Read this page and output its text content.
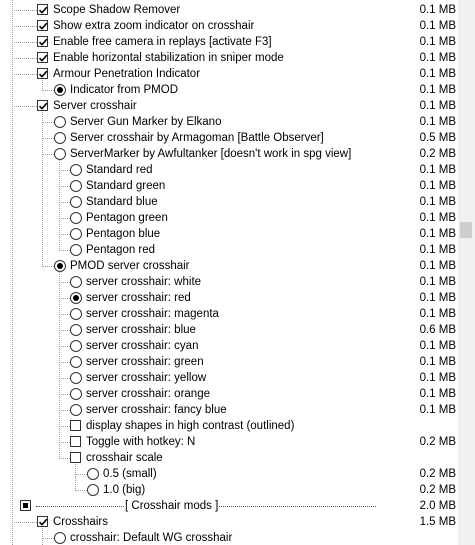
Scope Shadow Remover	0.1 MB
Show extra zoom indicator on crosshair	0.1 MB
Enable free camera in replays [activate F3]	0.1 MB
Enable horizontal stabilization in sniper mode	0.1 MB
Armour Penetration Indicator	0.1 MB
Indicator from PMOD	0.1 MB
Server crosshair	0.1 MB
Server Gun Marker by Elkano	0.1 MB
Server crosshair by Armagoman [Battle Observer]	0.5 MB
ServerMarker by Awfultanker [doesn't work in spg view]	0.2 MB
Standard red	0.1 MB
Standard green	0.1 MB
Standard blue	0.1 MB
Pentagon green	0.1 MB
Pentagon blue	0.1 MB
Pentagon red	0.1 MB
PMOD server crosshair	0.1 MB
server crosshair: white	0.1 MB
server crosshair: red	0.1 MB
server crosshair: magenta	0.1 MB
server crosshair: blue	0.6 MB
server crosshair: cyan	0.1 MB
server crosshair: green	0.1 MB
server crosshair: yellow	0.1 MB
server crosshair: orange	0.1 MB
server crosshair: fancy blue	0.1 MB
display shapes in high contrast (outlined)
Toggle with hotkey: N	0.2 MB
crosshair scale
0.5 (small)	0.2 MB
1.0 (big)	0.2 MB
[ Crosshair mods ]	2.0 MB
Crosshairs	1.5 MB
crosshair: Default WG crosshair
